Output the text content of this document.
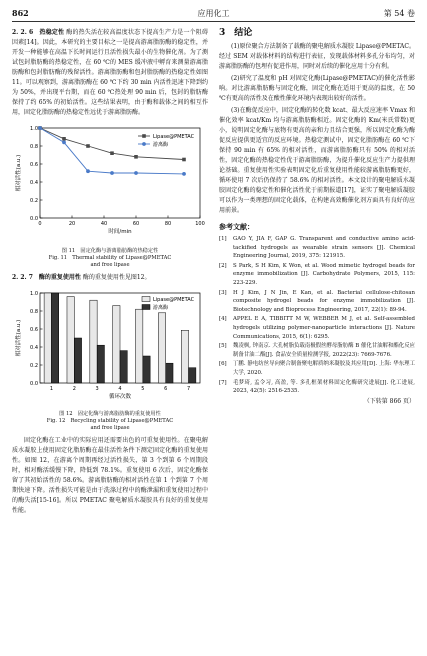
862	应用化工	第 54 卷

2. 2. 6　热稳定性 酶的热失活在较高温度状态下提高生产力是一个阻碍因素[14]。因此，本研究的主要目标之一是提高游离脂肪酶的稳定性，并开发一种能够在高温下长时间运行且活性损失最小的生物催化剂。为了测试包封脂肪酶的热稳定性，在 60 ℃的 MES 缓冲液中孵育来测量游离脂肪酶和包封脂肪酶的残留活性。游离脂肪酶和包封脂肪酶的热稳定性如图 11。可以观察到，游离脂肪酶在 60 ℃下约 30 min 内活性迅速下降到约为 50%，并出现平台期，而在 60 ℃热处理 90 min 后，包封的脂肪酶保持了约 65% 的初始活性。这些结果表明，由于酶和载体之间的相互作用，固定化脂肪酶的热稳定性远优于游离脂肪酶。

0.0
0.2
0.4
0.6
0.8
1.0
0	20	40	60	80	100
时间/min
相对活性(a.u.)
Lipase@PMETAC
游离酶
图 11　固定化酶与游离脂肪酶的热稳定性
Fig. 11　Thermal stability of Lipase@PMETAC
and free lipase

2. 2. 7　酶的重复使用性 酶的重复使用性见图12。

0.0
0.2
0.4
0.6
0.8
1.0
1	2	3	4	5	6	7
循环次数
相对活性(a.u.)
Lipase@PMETAC
游离酶
图 12　固定化酶与游离脂肪酶的重复使用性
Fig. 12　Recycling stability of Lipase@PMETAC
and free lipase

固定化酶在工业中的实际应用还需要出色的可重复使用性。在聚电解质水凝胶上使用固定化脂肪酶在最佳活性条件下测定固定化酶的重复使用性。如图 12，在游离个周期再经过活性损失，第 3 个到第 6 个周期段时，相对酶活缓慢下降，降低到 78.1%。重复使用 6 次后，固定化酶保留了其初始活性的 58.6%。游离脂肪酶的相对活性在第 1 个到第 7 个周期快速下降。活性损失可能是由于洗涤过程中的酶泄漏和重复使用过程中的酶失活[15-16]。所以 PMETAC 聚电解质水凝胶具有良好的重复使用性能。

3　结论

(1)原位聚合方法制备了载酶的聚电解质水凝胶 Lipase@PMETAC。经过 SEM 对载体材料的结构进行表征，发现载体材料多孔分布均匀，对游离脂肪酶的包埋有促进作用，同时对后续的催化应用十分有利。

(2)研究了温度和 pH 对固定化酶(Lipase@PMETAC)的催化活性影响。对比游离脂肪酶与固定化酶，固定化酶在适用于更高的温度，在 50 ℃有更高的活性及在酸性催化环境内表现出较好的活性。

(3)在酶促反应中，固定化酶的转化数 kcat、最大反应速率 Vmax 和催化效率 kcat/Km 均与游离脂肪酶相近。固定化酶的 Km(米氏常数)更小，说明固定化酶与底物有更高的亲和力且结合更强，所以固定化酶为酶促反应提供更适宜的反应环境。热稳定测试中，固定化脂肪酶在 60 ℃下保持 90 min 有 65% 的相对活性，而游离脂肪酶只有 50% 的相对活性，固定化酶的热稳定性优于游离脂肪酶，为提升催化反应生产力提供理论基础。重复使用性实验表明固定化后重复使用性能较游离脂肪酶更好，循环使用 7 次后仍保持了 58.6% 的相对活性。本文设计的聚电解质水凝胶固定化酶的稳定性和催化活性优于前期报道[17]，证实了聚电解质凝胶可以作为一类理想的固定化载体，在构建高效酶催化剂方面具有良好的应用前景。

参考文献：
[1] GAO Y, JIA F, GAP G. Transparent and conductive amino acid-tackified hydrogels as wearable strain sensors [J]. Chemical Engineering Journal, 2019, 375: 121915.
[2] S Park, S H Kim, K Won, et al. Wood mimetic hydrogel beads for enzyme immobilization [J]. Carbohydrate Polymers, 2015, 115: 223-229.
[3] H J Kim, J N Jin, E Kan, et al. Bacterial cellulose-chitosan composite hydrogel beads for enzyme immobilization [J]. Biotechnology and Bioprocess Engineering, 2017, 22(1): 89-94.
[4] APPEL E A, TIBBITT M W, WEBBER M J, et al. Self-assembled hydrogels utilizing polymer-nanoparticle interactions [J]. Nature Communications, 2015, 6(1): 6295.
[5] 魏凌枫, 钟南京. 大孔树脂负载南极假丝酵母脂肪酶 B 催化甘油解和酯化反应制备甘油二酯[J]. 食品安全质量检测学报, 2022(23): 7669-7676.
[6] 丁鹏. 静电纺丝导向聚合制备聚电解质纳米凝胶及其应用[D]. 上海: 华东理工大学, 2020.
[7] 毛梦琦, 孟令习, 高盈, 等. 多孔框架材料固定化酶研究进展[J]. 化工进展, 2023, 42(5): 2516-2535.
（下转第 866 页）
